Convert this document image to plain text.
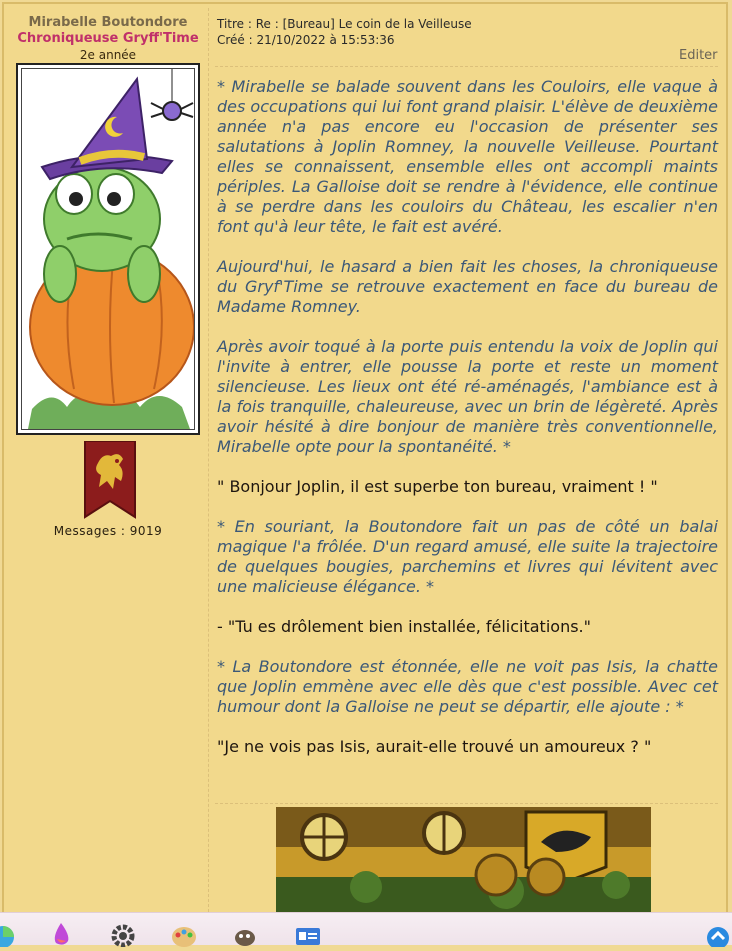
Mirabelle Boutondore
Chroniqueuse Gryff'Time
2e année
Messages : 9019
Titre : Re : [Bureau] Le coin de la Veilleuse
Créé : 21/10/2022 à 15:53:36
Editer

* Mirabelle se balade souvent dans les Couloirs, elle vaque à des occupations qui lui font grand plaisir. L'élève de deuxième année n'a pas encore eu l'occasion de présenter ses salutations à Joplin Romney, la nouvelle Veilleuse. Pourtant elles se connaissent, ensemble elles ont accompli maints périples. La Galloise doit se rendre à l'évidence, elle continue à se perdre dans les couloirs du Château, les escalier n'en font qu'à leur tête, le fait est avéré.

Aujourd'hui, le hasard a bien fait les choses, la chroniqueuse du Gryf'Time se retrouve exactement en face du bureau de Madame Romney.

Après avoir toqué à la porte puis entendu la voix de Joplin qui l'invite à entrer, elle pousse la porte et reste un moment silencieuse. Les lieux ont été ré-aménagés, l'ambiance est à la fois tranquille, chaleureuse, avec un brin de légèreté. Après avoir hésité à dire bonjour de manière très conventionnelle, Mirabelle opte pour la spontanéité. *

" Bonjour Joplin, il est superbe ton bureau, vraiment ! "

* En souriant, la Boutondore fait un pas de côté un balai magique l'a frôlée. D'un regard amusé, elle suite la trajectoire de quelques bougies, parchemins et livres qui lévitent avec une malicieuse élégance. *

- "Tu es drôlement bien installée, félicitations."

* La Boutondore est étonnée, elle ne voit pas Isis, la chatte que Joplin emmène avec elle dès que c'est possible. Avec cet humour dont la Galloise ne peut se départir, elle ajoute : *

"Je ne vois pas Isis, aurait-elle trouvé un amoureux ? "
